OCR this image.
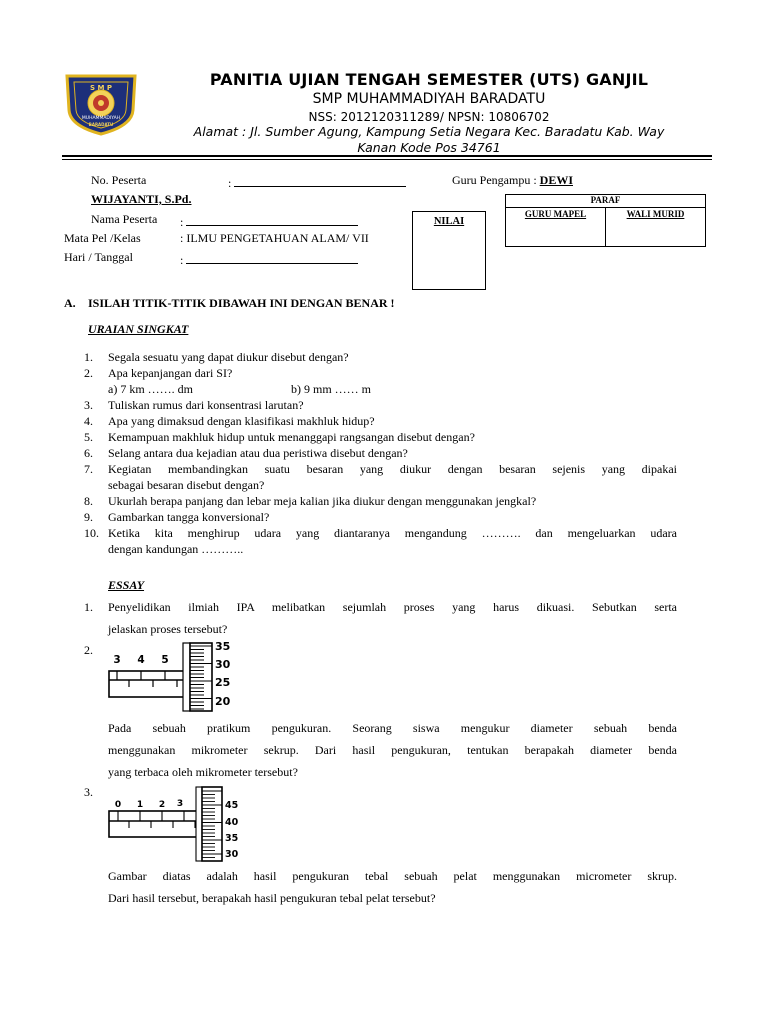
S M P
MUHAMMADIYAH
BARADATU
PANITIA UJIAN TENGAH SEMESTER (UTS) GANJIL
SMP MUHAMMADIYAH BARADATU
NSS: 2012120311289/ NPSN: 10806702
Alamat : Jl. Sumber Agung, Kampung Setia Negara Kec. Baradatu Kab. Way
Kanan Kode Pos 34761
No. Peserta	:	Guru Pengampu : DEWI
WIJAYANTI, S.Pd.
Nama Peserta :
Mata Pel /Kelas	: ILMU PENGETAHUAN ALAM/ VII
Hari / Tanggal	:
NILAI
PARAF
GURU MAPEL	WALI MURID
A. ISILAH TITIK-TITIK DIBAWAH INI DENGAN BENAR !
URAIAN SINGKAT
1. Segala sesuatu yang dapat diukur disebut dengan?
2. Apa kepanjangan dari SI?
a) 7 km ……. dm	b) 9 mm …… m
3. Tuliskan rumus dari konsentrasi larutan?
4. Apa yang dimaksud dengan klasifikasi makhluk hidup?
5. Kemampuan makhluk hidup untuk menanggapi rangsangan disebut dengan?
6. Selang antara dua kejadian atau dua peristiwa disebut dengan?
7. Kegiatan membandingkan suatu besaran yang diukur dengan besaran sejenis yang dipakai
sebagai besaran disebut dengan?
8. Ukurlah berapa panjang dan lebar meja kalian jika diukur dengan menggunakan jengkal?
9. Gambarkan tangga konversional?
10. Ketika kita menghirup udara yang diantaranya mengandung ………. dan mengeluarkan udara
dengan kandungan ………..
ESSAY
1. Penyelidikan ilmiah IPA melibatkan sejumlah proses yang harus dikuasi. Sebutkan serta
jelaskan proses tersebut?
2.
3 4 5
35
30
25
20
Pada sebuah pratikum pengukuran. Seorang siswa mengukur diameter sebuah benda
menggunakan mikrometer sekrup. Dari hasil pengukuran, tentukan berapakah diameter benda
yang terbaca oleh mikrometer tersebut?
3.
0 1 2 3	45
40
35
30
Gambar diatas adalah hasil pengukuran tebal sebuah pelat menggunakan micrometer skrup.
Dari hasil tersebut, berapakah hasil pengukuran tebal pelat tersebut?
